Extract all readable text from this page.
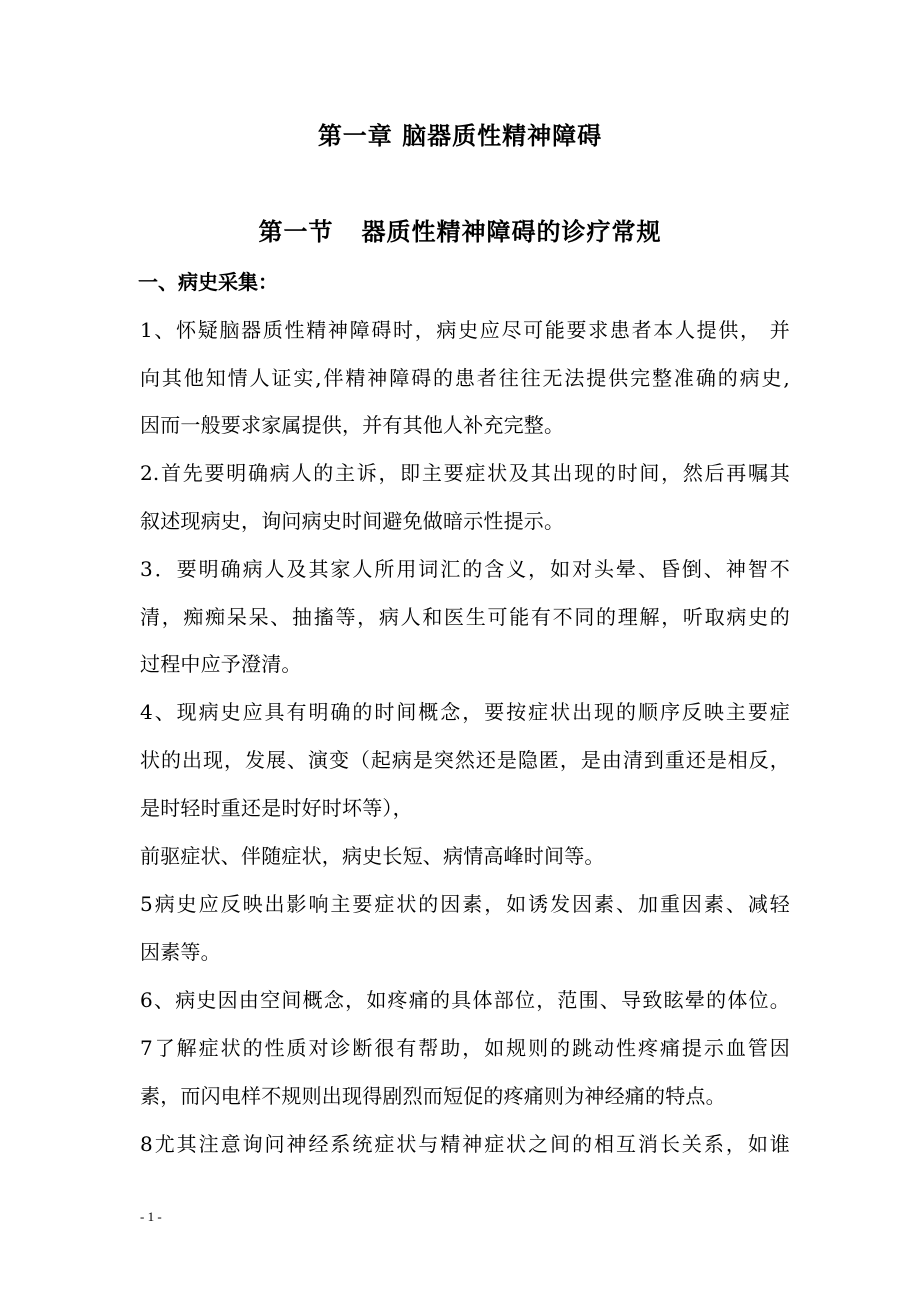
第一章 脑器质性精神障碍
第一节   器质性精神障碍的诊疗常规
一、病史采集：
1、怀疑脑器质性精神障碍时，病史应尽可能要求患者本人提供， 并
向其他知情人证实,伴精神障碍的患者往往无法提供完整准确的病史,
因而一般要求家属提供，并有其他人补充完整。
2.首先要明确病人的主诉，即主要症状及其出现的时间，然后再嘱其
叙述现病史，询问病史时间避免做暗示性提示。
3．要明确病人及其家人所用词汇的含义，如对头晕、昏倒、神智不
清，痴痴呆呆、抽搐等，病人和医生可能有不同的理解，听取病史的
过程中应予澄清。
4、现病史应具有明确的时间概念，要按症状出现的顺序反映主要症
状的出现，发展、演变（起病是突然还是隐匿，是由清到重还是相反，
是时轻时重还是时好时坏等），
前驱症状、伴随症状，病史长短、病情高峰时间等。
5病史应反映出影响主要症状的因素，如诱发因素、加重因素、减轻
因素等。
6、病史因由空间概念，如疼痛的具体部位，范围、导致眩晕的体位。
7了解症状的性质对诊断很有帮助，如规则的跳动性疼痛提示血管因
素，而闪电样不规则出现得剧烈而短促的疼痛则为神经痛的特点。
8尤其注意询问神经系统症状与精神症状之间的相互消长关系，如谁
- 1 -
